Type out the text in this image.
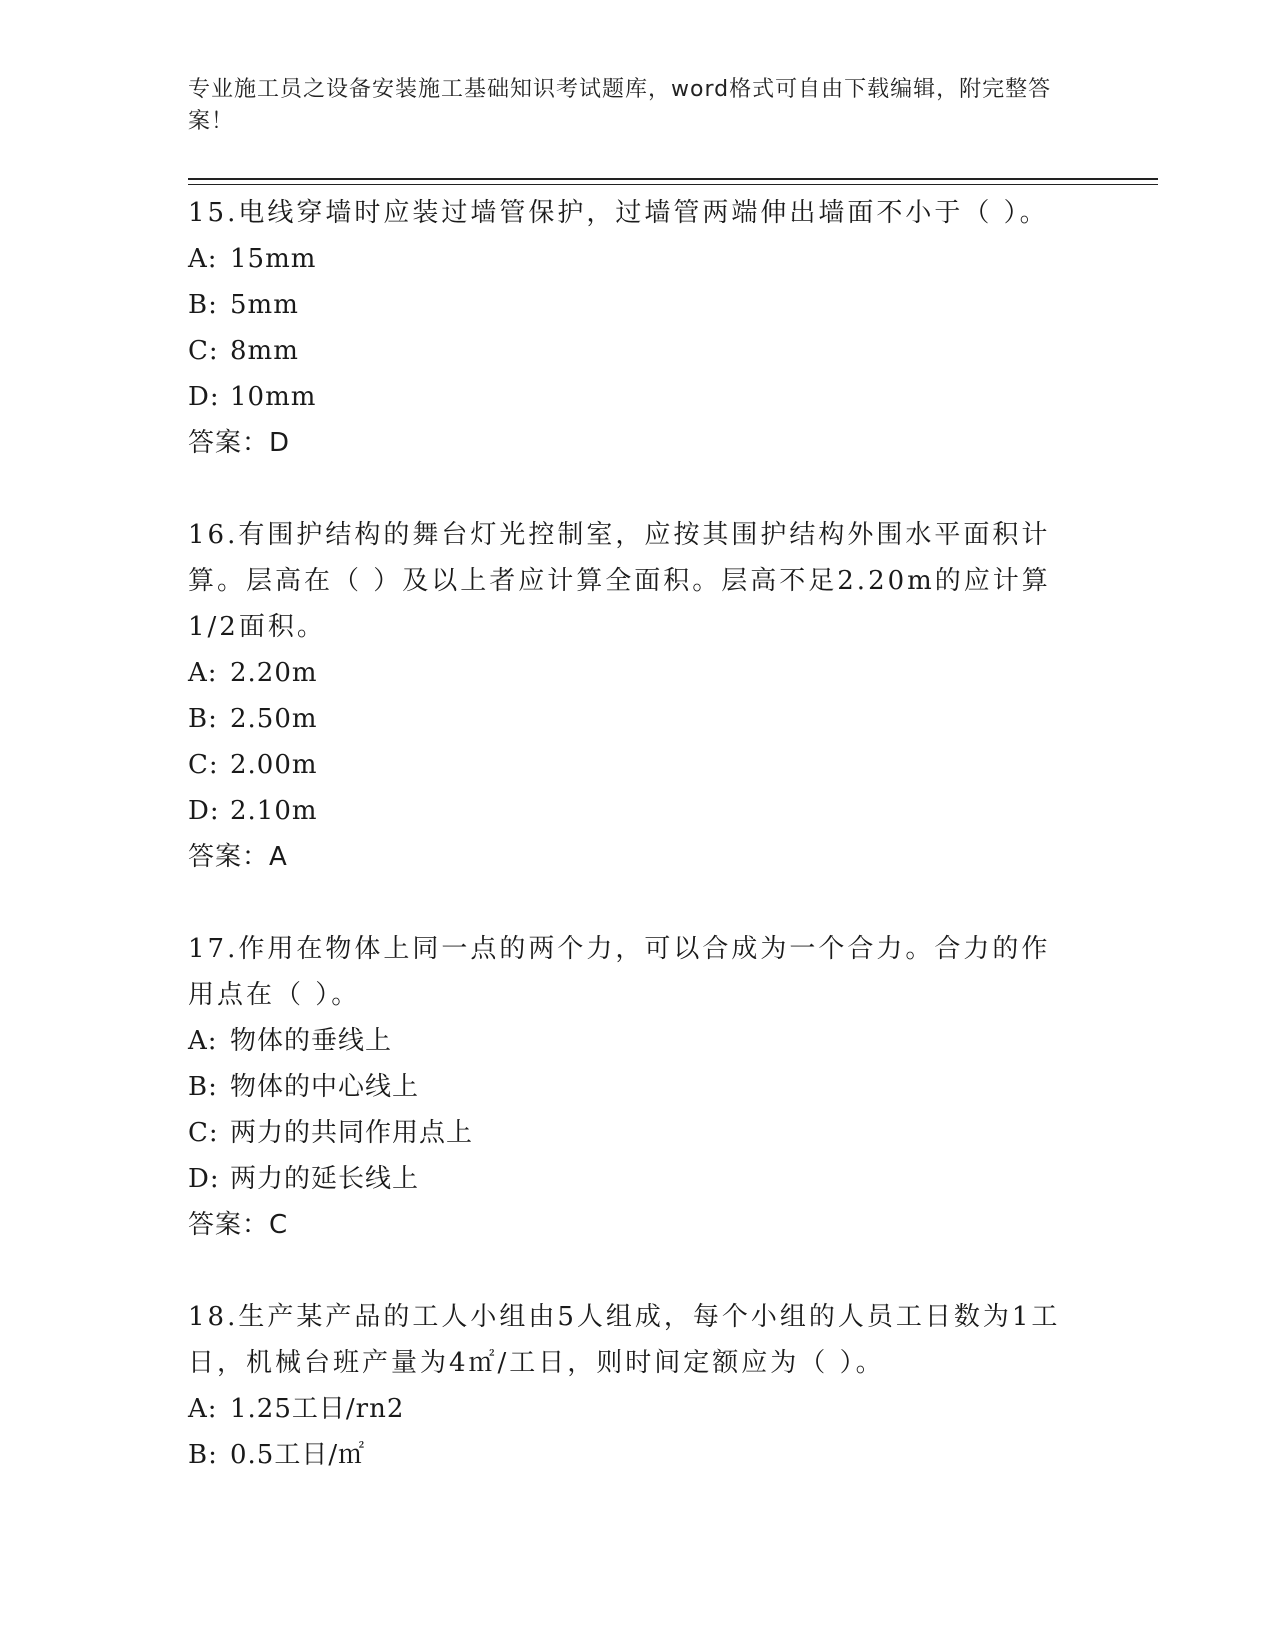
专业施工员之设备安装施工基础知识考试题库，word格式可自由下载编辑，附完整答案！

15.电线穿墙时应装过墙管保护，过墙管两端伸出墙面不小于（ ）。

A: 15mm

B: 5mm

C: 8mm

D: 10mm

答案：D

16.有围护结构的舞台灯光控制室，应按其围护结构外围水平面积计算。层高在（ ）及以上者应计算全面积。层高不足2.20m的应计算1/2面积。

A: 2.20m

B: 2.50m

C: 2.00m

D: 2.10m

答案：A

17.作用在物体上同一点的两个力，可以合成为一个合力。合力的作用点在（ ）。

A: 物体的垂线上

B: 物体的中心线上

C: 两力的共同作用点上

D: 两力的延长线上

答案：C

18.生产某产品的工人小组由5人组成，每个小组的人员工日数为1工日，机械台班产量为4㎡/工日，则时间定额应为（ ）。

A: 1.25工日/rn2

B: 0.5工日/㎡
